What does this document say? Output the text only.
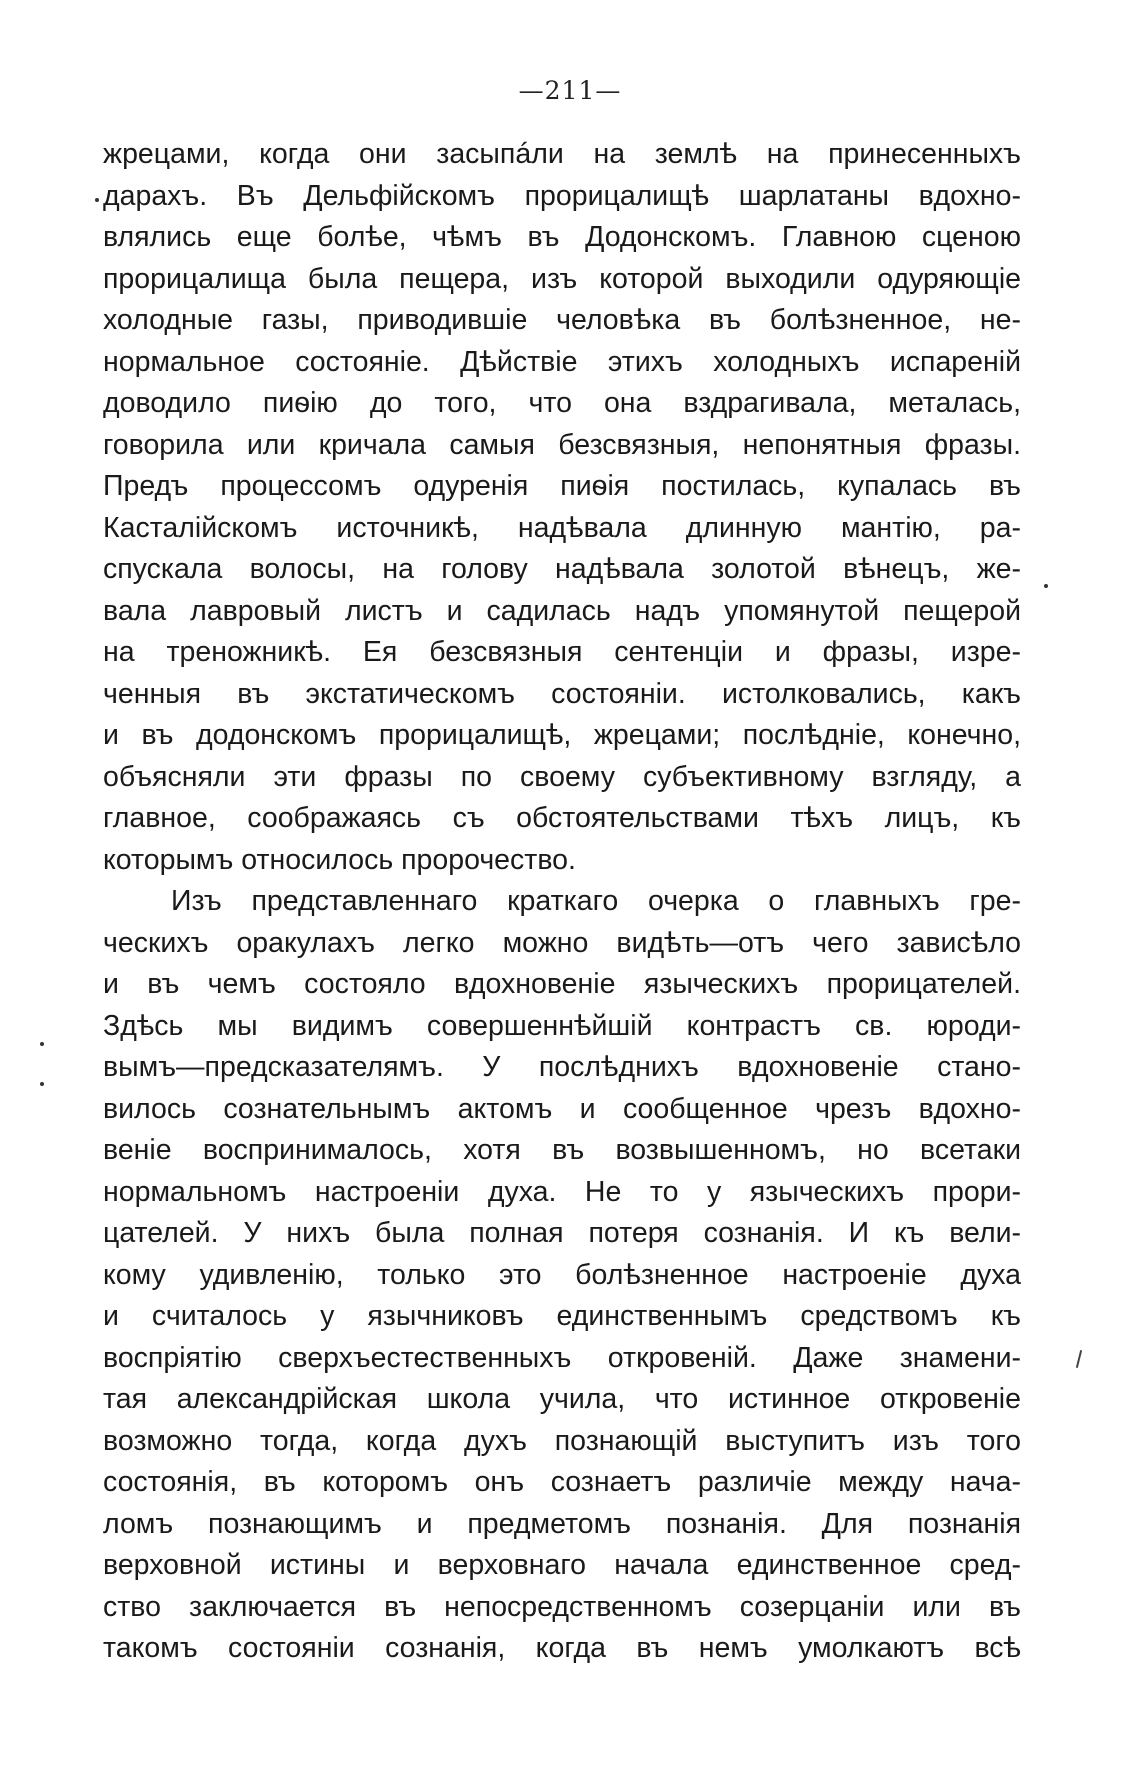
—211—
жрецами, когда они засыпáли на землѣ на принесенныхъ
дарахъ. Въ Дельфійскомъ прорицалищѣ шарлатаны вдохно-
влялись еще болѣе, чѣмъ въ Додонскомъ. Главною сценою
прорицалища была пещера, изъ которой выходили одуряющіе
холодные газы, приводившіе человѣка въ болѣзненное, не-
нормальное состояніе. Дѣйствіе этихъ холодныхъ испареній
доводило пиѳію до того, что она вздрагивала, металась,
говорила или кричала самыя безсвязныя, непонятныя фразы.
Предъ процессомъ одуренія пиѳія постилась, купалась въ
Касталійскомъ источникѣ, надѣвала длинную мантію, ра-
спускала волосы, на голову надѣвала золотой вѣнецъ, же-
вала лавровый листъ и садилась надъ упомянутой пещерой
на треножникѣ. Ея безсвязныя сентенціи и фразы, изре-
ченныя въ экстатическомъ состояніи. истолковались, какъ
и въ додонскомъ прорицалищѣ, жрецами; послѣдніе, конечно,
объясняли эти фразы по своему субъективному взгляду, а
главное, соображаясь съ обстоятельствами тѣхъ лицъ, къ
которымъ относилось пророчество.
Изъ представленнаго краткаго очерка о главныхъ гре-
ческихъ оракулахъ легко можно видѣть—отъ чего зависѣло
и въ чемъ состояло вдохновеніе языческихъ прорицателей.
Здѣсь мы видимъ совершеннѣйшій контрастъ св. юроди-
вымъ—предсказателямъ. У послѣднихъ вдохновеніе стано-
вилось сознательнымъ актомъ и сообщенное чрезъ вдохно-
веніе воспринималось, хотя въ возвышенномъ, но всетаки
нормальномъ настроеніи духа. Не то у языческихъ прори-
цателей. У нихъ была полная потеря сознанія. И къ вели-
кому удивленію, только это болѣзненное настроеніе духа
и считалось у язычниковъ единственнымъ средствомъ къ
воспріятію сверхъестественныхъ откровеній. Даже знамени-
тая александрійская школа учила, что истинное откровеніе
возможно тогда, когда духъ познающій выступитъ изъ того
состоянія, въ которомъ онъ сознаетъ различіе между нача-
ломъ познающимъ и предметомъ познанія. Для познанія
верховной истины и верховнаго начала единственное сред-
ство заключается въ непосредственномъ созерцаніи или въ
такомъ состояніи сознанія, когда въ немъ умолкаютъ всѣ
